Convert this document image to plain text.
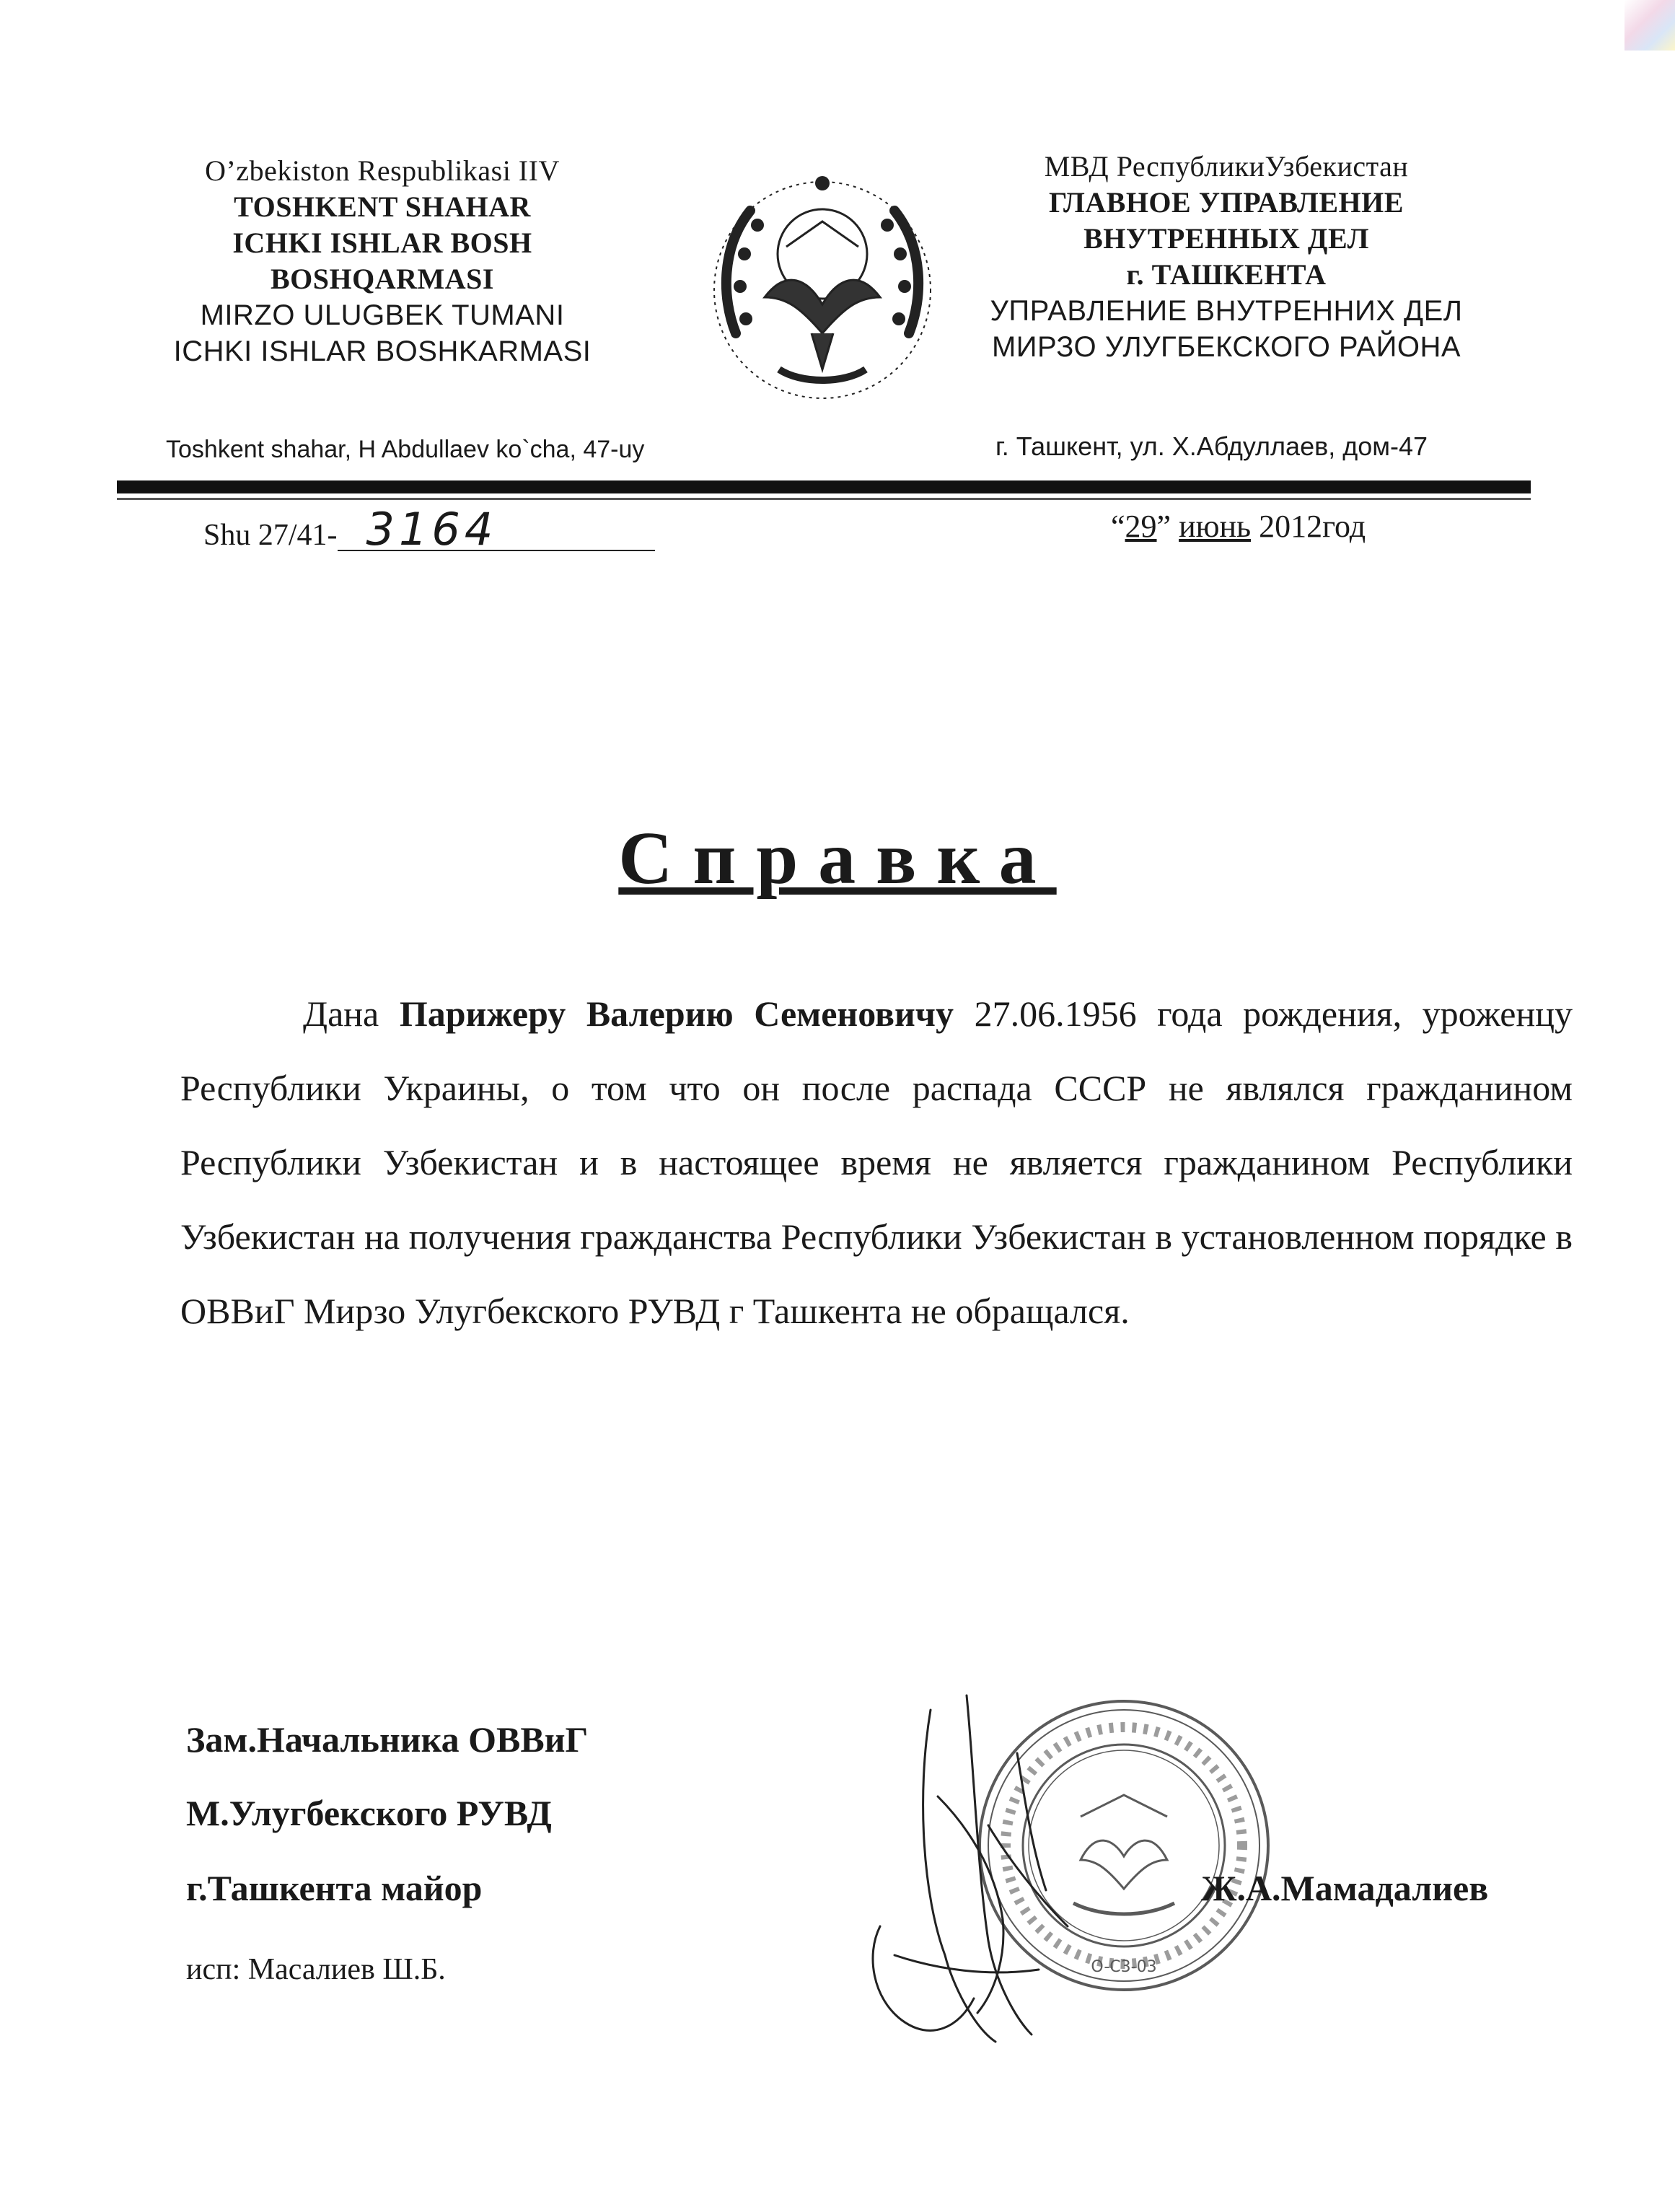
O’zbekiston Respublikasi IIV
TOSHKENT SHAHAR
ICHKI ISHLAR BOSH
BOSHQARMASI
MIRZO ULUGBEK TUMANI
ICHKI ISHLAR BOSHKARMASI
МВД РеспубликиУзбекистан
ГЛАВНОЕ УПРАВЛЕНИЕ
ВНУТРЕННЫХ ДЕЛ
г. ТАШКЕНТА
УПРАВЛЕНИЕ ВНУТРЕННИХ ДЕЛ
МИРЗО УЛУГБЕКСКОГО РАЙОНА
Toshkent shahar, H Abdullaev ko`cha, 47-uy	г. Ташкент, ул. Х.Абдуллаев, дом-47
Shu 27/41- 3164	“29” июнь 2012год
Справка
Дана Парижеру Валерию Семеновичу 27.06.1956 года рождения, уроженцу Республики Украины, о том что он после распада СССР не являлся гражданином Республики Узбекистан и в настоящее время не является гражданином Республики Узбекистан на получения гражданства Республики Узбекистан в установленном порядке в ОВВиГ Мирзо Улугбекского РУВД г Ташкента не обращался.
Зам.Начальника ОВВиГ
М.Улугбекского РУВД
г.Ташкента майор
исп: Масалиев Ш.Б.	O-C3-03
Ж.А.Мамадалиев
